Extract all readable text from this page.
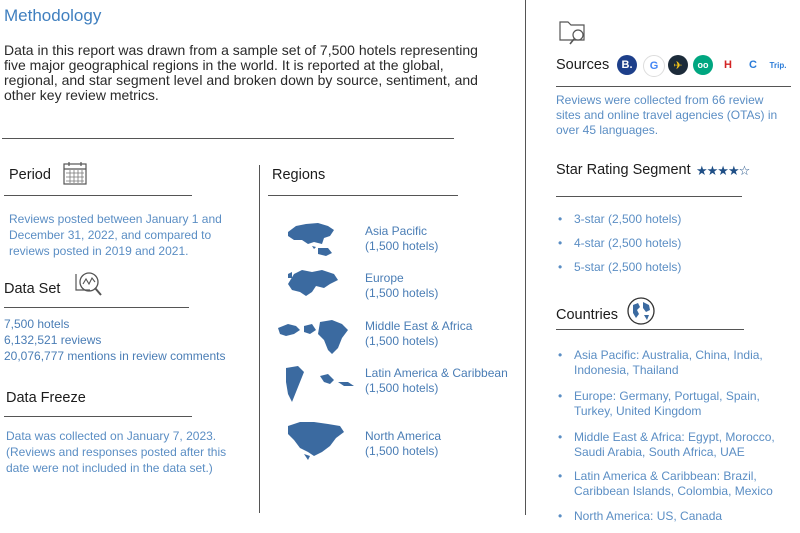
Methodology
Data in this report was drawn from a sample set of 7,500 hotels representing five major geographical regions in the world. It is reported at the global, regional, and star segment level and broken down by source, sentiment, and other key review metrics.
Period
Reviews posted between January 1 and December 31, 2022, and compared to reviews posted in 2019 and 2021.
Data Set
7,500 hotels
6,132,521 reviews
20,076,777 mentions in review comments
Data Freeze
Data was collected on January 7, 2023. (Reviews and responses posted after this date were not included in the data set.)
Regions
Asia Pacific
(1,500 hotels)
Europe
(1,500 hotels)
Middle East & Africa
(1,500 hotels)
Latin America & Caribbean
(1,500 hotels)
North America
(1,500 hotels)
Sources	B.	G	✈	oo	H	C	Trip.
Reviews were collected from 66 review sites and online travel agencies (OTAs) in over 45 languages.
Star Rating Segment ★★★★☆
• 3-star (2,500 hotels)
• 4-star (2,500 hotels)
• 5-star (2,500 hotels)
Countries
• Asia Pacific: Australia, China, India, Indonesia, Thailand
• Europe: Germany, Portugal, Spain, Turkey, United Kingdom
• Middle East & Africa: Egypt, Morocco, Saudi Arabia, South Africa, UAE
• Latin America & Caribbean: Brazil, Caribbean Islands, Colombia, Mexico
• North America: US, Canada
